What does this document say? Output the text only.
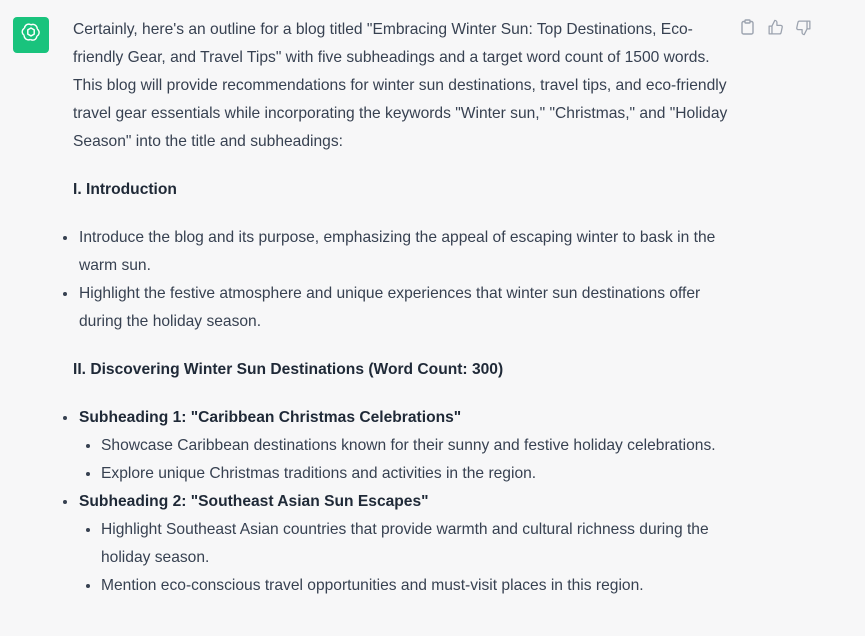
Certainly, here's an outline for a blog titled "Embracing Winter Sun: Top Destinations, Eco-friendly Gear, and Travel Tips" with five subheadings and a target word count of 1500 words. This blog will provide recommendations for winter sun destinations, travel tips, and eco-friendly travel gear essentials while incorporating the keywords "Winter sun," "Christmas," and "Holiday Season" into the title and subheadings:

I. Introduction
Introduce the blog and its purpose, emphasizing the appeal of escaping winter to bask in the warm sun.
Highlight the festive atmosphere and unique experiences that winter sun destinations offer during the holiday season.
II. Discovering Winter Sun Destinations (Word Count: 300)
Subheading 1: "Caribbean Christmas Celebrations"
Showcase Caribbean destinations known for their sunny and festive holiday celebrations.
Explore unique Christmas traditions and activities in the region.
Subheading 2: "Southeast Asian Sun Escapes"
Highlight Southeast Asian countries that provide warmth and cultural richness during the holiday season.
Mention eco-conscious travel opportunities and must-visit places in this region.
